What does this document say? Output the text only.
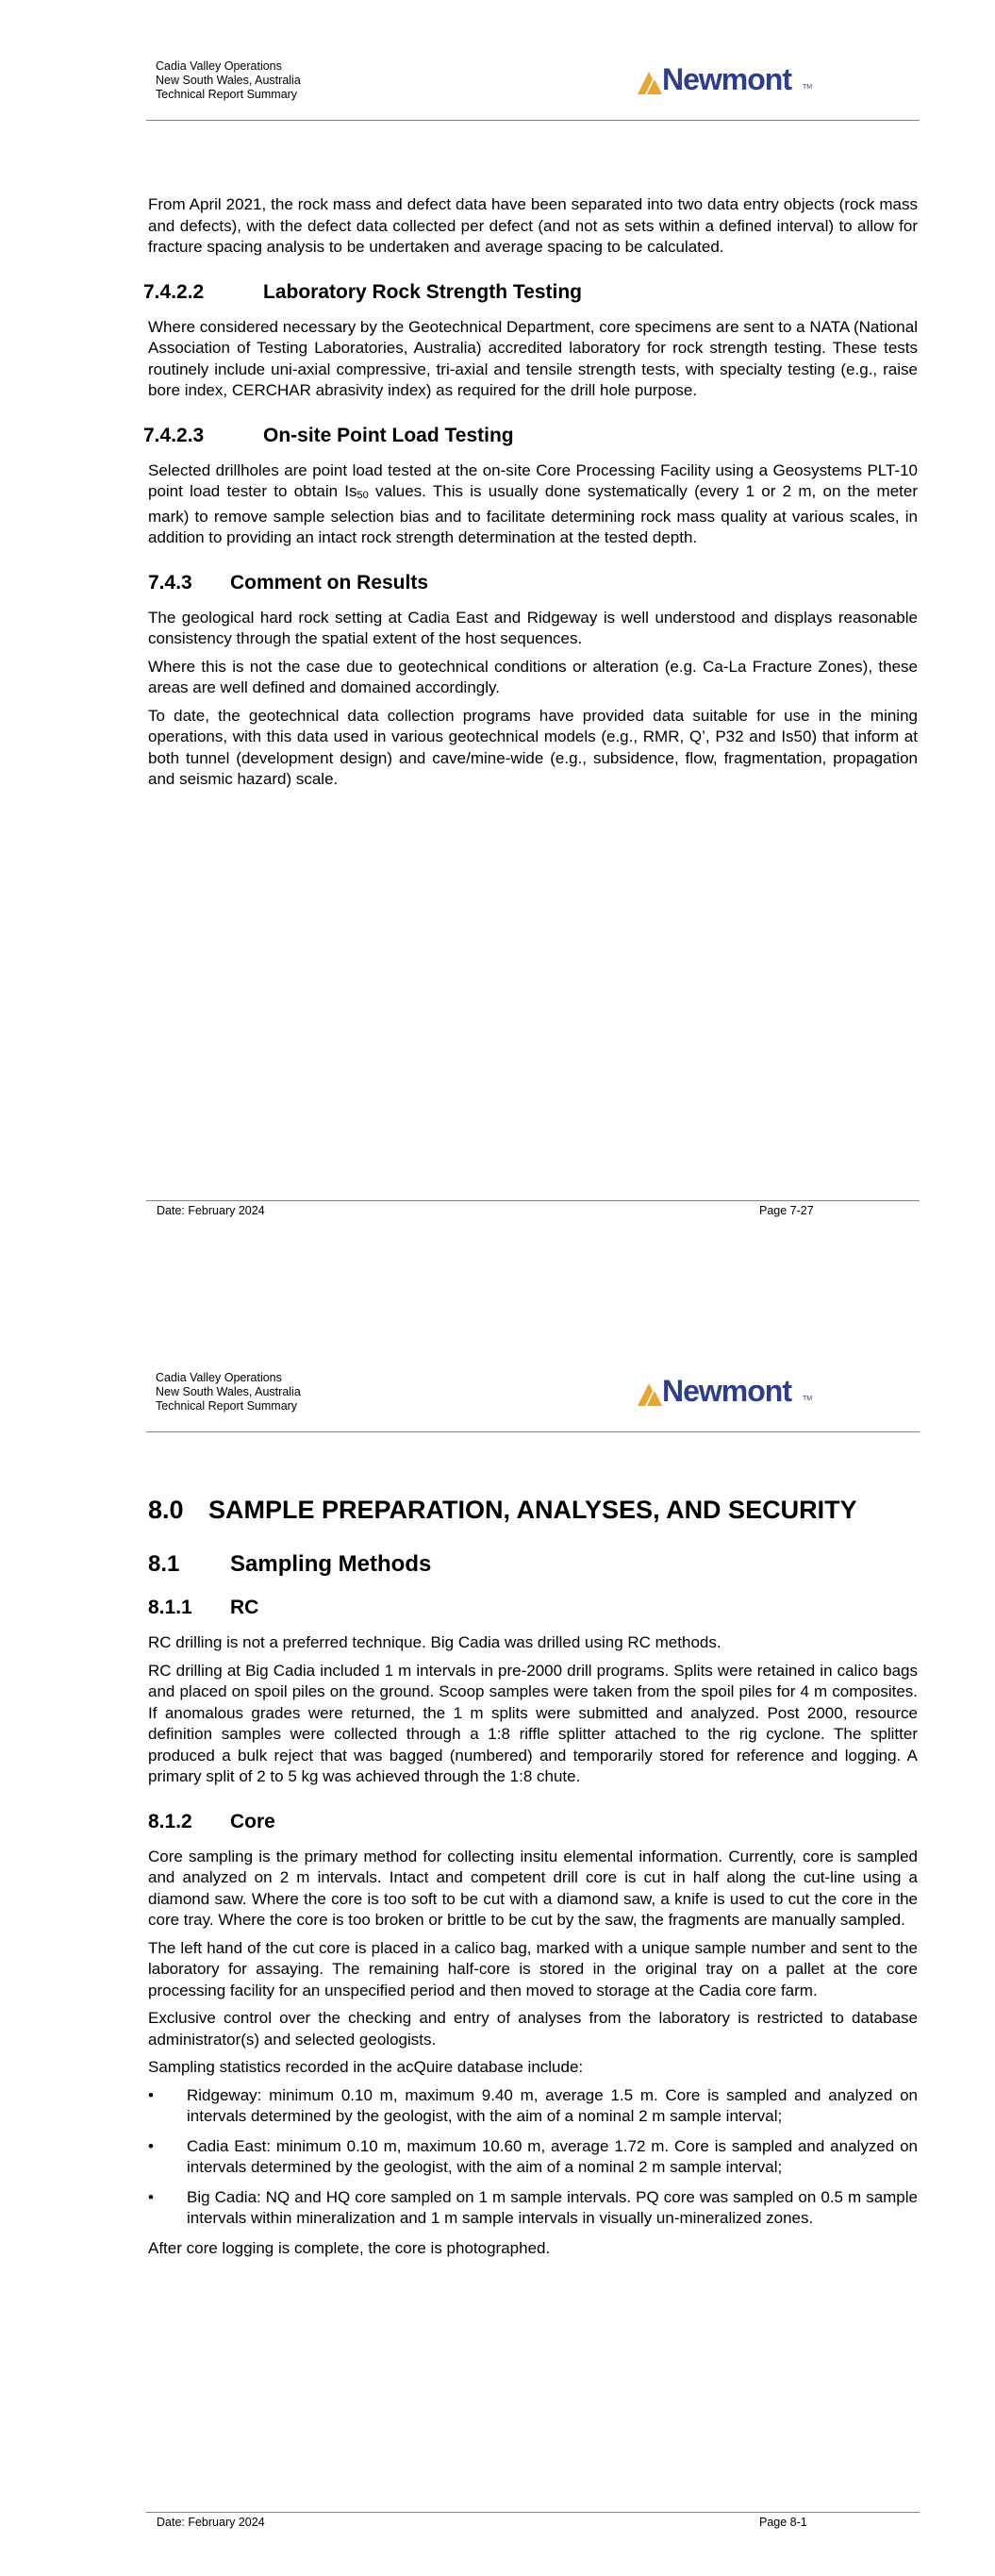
Cadia Valley Operations
New South Wales, Australia
Technical Report Summary	Newmont TM

From April 2021, the rock mass and defect data have been separated into two data entry objects (rock mass and defects), with the defect data collected per defect (and not as sets within a defined interval) to allow for fracture spacing analysis to be undertaken and average spacing to be calculated.

7.4.2.2	Laboratory Rock Strength Testing

Where considered necessary by the Geotechnical Department, core specimens are sent to a NATA (National Association of Testing Laboratories, Australia) accredited laboratory for rock strength testing. These tests routinely include uni-axial compressive, tri-axial and tensile strength tests, with specialty testing (e.g., raise bore index, CERCHAR abrasivity index) as required for the drill hole purpose.

7.4.2.3	On-site Point Load Testing

Selected drillholes are point load tested at the on-site Core Processing Facility using a Geosystems PLT-10 point load tester to obtain $Is_{50}$ values. This is usually done systematically (every 1 or 2 m, on the meter mark) to remove sample selection bias and to facilitate determining rock mass quality at various scales, in addition to providing an intact rock strength determination at the tested depth.

7.4.3	Comment on Results

The geological hard rock setting at Cadia East and Ridgeway is well understood and displays reasonable consistency through the spatial extent of the host sequences.

Where this is not the case due to geotechnical conditions or alteration (e.g. Ca-La Fracture Zones), these areas are well defined and domained accordingly.

To date, the geotechnical data collection programs have provided data suitable for use in the mining operations, with this data used in various geotechnical models (e.g., RMR, Q’, P32 and Is50) that inform at both tunnel (development design) and cave/mine-wide (e.g., subsidence, flow, fragmentation, propagation and seismic hazard) scale.

Date: February 2024	Page 7-27
Cadia Valley Operations
New South Wales, Australia
Technical Report Summary	Newmont TM
8.0 SAMPLE PREPARATION, ANALYSES, AND SECURITY
8.1	Sampling Methods
8.1.1	RC

RC drilling is not a preferred technique. Big Cadia was drilled using RC methods.

RC drilling at Big Cadia included 1 m intervals in pre-2000 drill programs. Splits were retained in calico bags and placed on spoil piles on the ground. Scoop samples were taken from the spoil piles for 4 m composites. If anomalous grades were returned, the 1 m splits were submitted and analyzed. Post 2000, resource definition samples were collected through a 1:8 riffle splitter attached to the rig cyclone. The splitter produced a bulk reject that was bagged (numbered) and temporarily stored for reference and logging. A primary split of 2 to 5 kg was achieved through the 1:8 chute.

8.1.2	Core

Core sampling is the primary method for collecting insitu elemental information. Currently, core is sampled and analyzed on 2 m intervals. Intact and competent drill core is cut in half along the cut-line using a diamond saw. Where the core is too soft to be cut with a diamond saw, a knife is used to cut the core in the core tray. Where the core is too broken or brittle to be cut by the saw, the fragments are manually sampled.

The left hand of the cut core is placed in a calico bag, marked with a unique sample number and sent to the laboratory for assaying. The remaining half-core is stored in the original tray on a pallet at the core processing facility for an unspecified period and then moved to storage at the Cadia core farm.

Exclusive control over the checking and entry of analyses from the laboratory is restricted to database administrator(s) and selected geologists.

Sampling statistics recorded in the acQuire database include:

• Ridgeway: minimum 0.10 m, maximum 9.40 m, average 1.5 m. Core is sampled and analyzed on intervals determined by the geologist, with the aim of a nominal 2 m sample interval;
• Cadia East: minimum 0.10 m, maximum 10.60 m, average 1.72 m. Core is sampled and analyzed on intervals determined by the geologist, with the aim of a nominal 2 m sample interval;
• Big Cadia: NQ and HQ core sampled on 1 m sample intervals. PQ core was sampled on 0.5 m sample intervals within mineralization and 1 m sample intervals in visually un-mineralized zones.

After core logging is complete, the core is photographed.

Date: February 2024	Page 8-1
